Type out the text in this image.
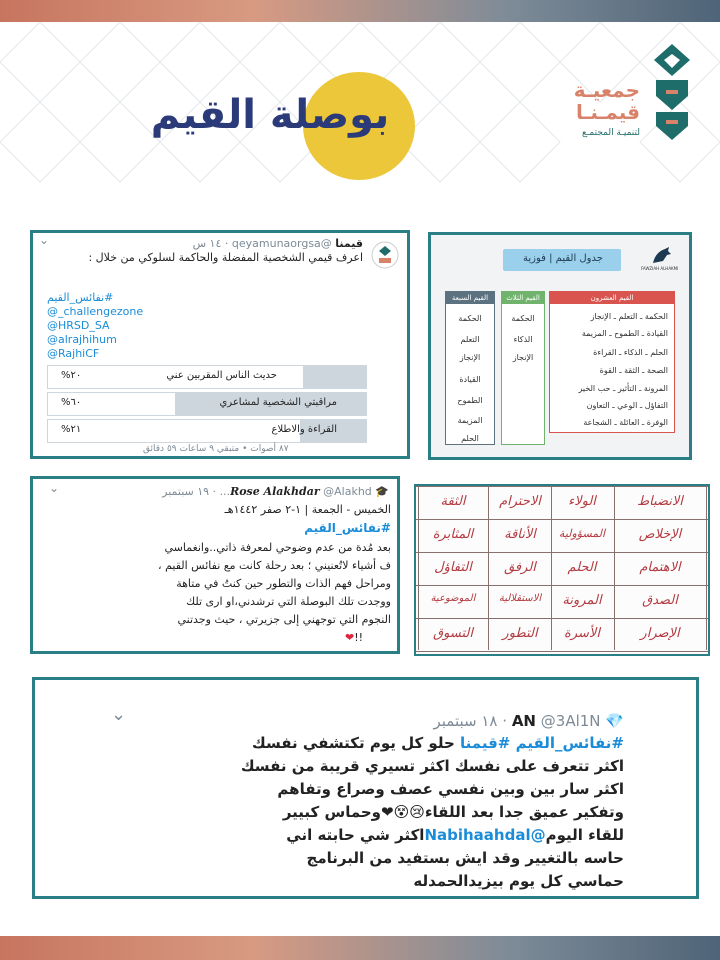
بوصلة القيم
جمعيـة
قيمـنـا
لتنميـة المجتمـع
قيمنا @qeyamunaorgsa · ١٤ س
⌄
اعرف قيمي الشخصية المفضلة والحاكمة لسلوكي من خلال :
#نفائس_القيم
@_challengezone
@HRSD_SA
@alrajhihum
@RajhiCF
حديث الناس المقربين عني
%٢٠
مراقبتي الشخصية لمشاعري
%٦٠
القراءة والاطلاع
%٢١
٨٧ أصوات • متبقي ٩ ساعات ٥٩ دقائق
جدول القيم | فوزية
FAWZIAH ALHAKMI
القيم السبعة
الحكمة
التعلم
الإنجاز
القيادة
الطموح
المزيمة
الحلم
القيم الثلاث
الحكمة
الذكاء
الإنجاز
القيم العشرون
الحكمة ـ التعلم ـ الإنجاز
القيادة ـ الطموح ـ المزيمة
الحلم ـ الذكاء ـ القراءة
الصحة ـ الثقة ـ القوة
المرونة ـ التأثير ـ حب الخير
التفاؤل ـ الوعي ـ التعاون
الوفرة ـ العائلة ـ الشجاعة
🎓 Rose Alakhdar @Alakhd... · ١٩ سبتمبر
⌄
الخميس - الجمعة | ١-٢ صفر ١٤٤٢هـ
#نفائس_القيم
بعد مُدة من عدم وضوحي لمعرفة ذاتي..وانغماسي
ف أشياء لاتُعنيني ؛ بعد رحلة كانت مع نفائس القيم ،
ومراحل فهم الذات والتطور حين كنتُ في متاهة
ووجدت تلك البوصلة التي ترشدني،او ارى تلك
النجوم التي توجهني إلى جزيرتي ، حيث وجدتني
❤!!
الانضباط
الولاء
الاحترام
الثقة
الإخلاص
المسؤولية
الأناقة
المثابرة
الاهتمام
الحلم
الرفق
التفاؤل
الصدق
المرونة
الاستقلالية
الموضوعية
الإصرار
الأسرة
التطور
التسوق
💎 AN @3Al1N · ١٨ سبتمبر
⌄
#نفائس_القيم #قيمنا حلو كل يوم تكتشفي نفسك
اكثر تتعرف على نفسك اكثر تسيري قريبة من نفسك
اكثر سار بين وبين نفسي عصف وصراع وتفاهم
وتفكير عميق جدا بعد اللقاء😢😵❤وحماس كبيير
للقاء اليوم@Nabihaahdalاكثر شي حابته اني
حاسه بالتغيير وقد ايش بستفيد من البرنامج
حماسي كل يوم بيزيدالحمدله
